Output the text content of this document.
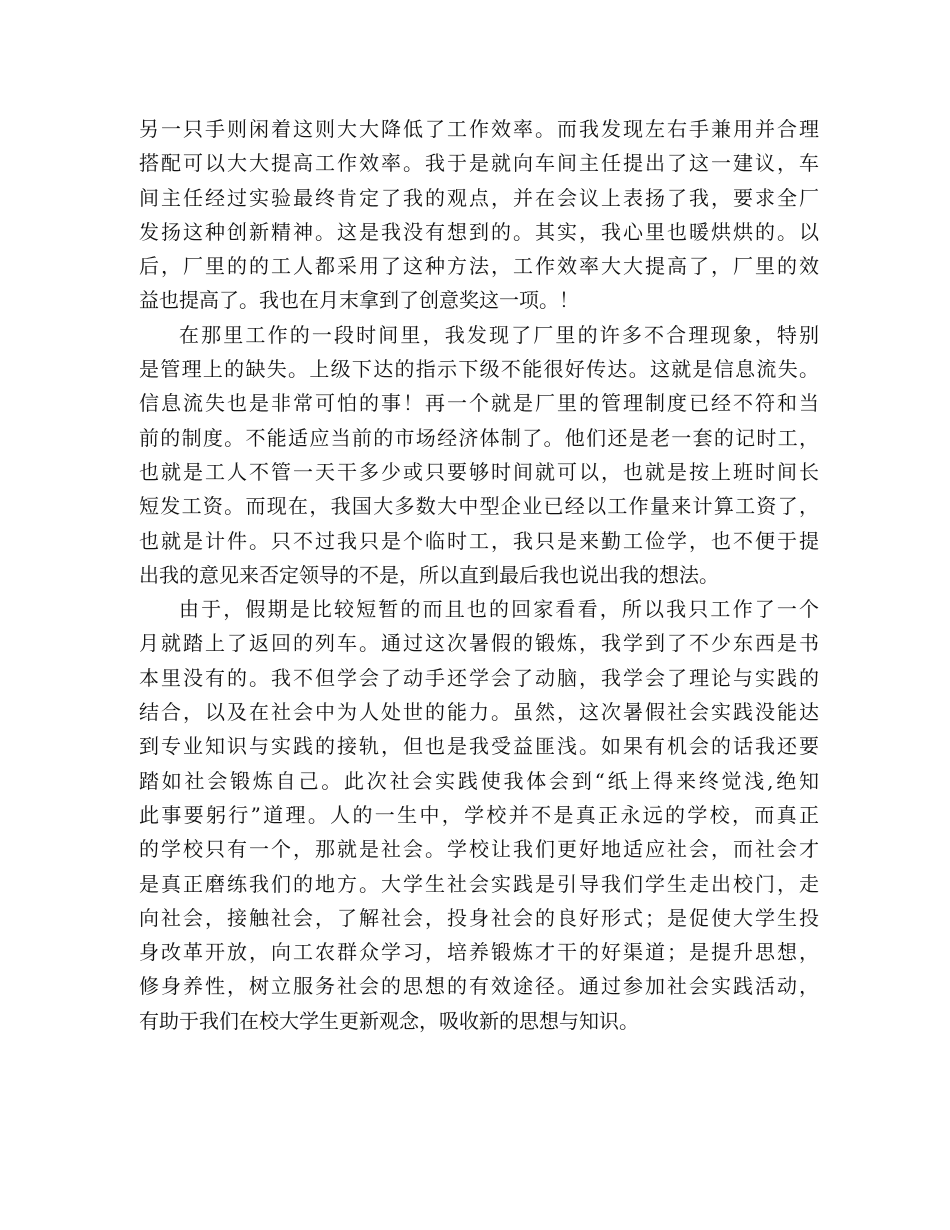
另一只手则闲着这则大大降低了工作效率。而我发现左右手兼用并合理
搭配可以大大提高工作效率。我于是就向车间主任提出了这一建议，车
间主任经过实验最终肯定了我的观点，并在会议上表扬了我，要求全厂
发扬这种创新精神。这是我没有想到的。其实，我心里也暖烘烘的。以
后，厂里的的工人都采用了这种方法，工作效率大大提高了，厂里的效
益也提高了。我也在月末拿到了创意奖这一项。！
在那里工作的一段时间里，我发现了厂里的许多不合理现象，特别
是管理上的缺失。上级下达的指示下级不能很好传达。这就是信息流失。
信息流失也是非常可怕的事！再一个就是厂里的管理制度已经不符和当
前的制度。不能适应当前的市场经济体制了。他们还是老一套的记时工，
也就是工人不管一天干多少或只要够时间就可以，也就是按上班时间长
短发工资。而现在，我国大多数大中型企业已经以工作量来计算工资了，
也就是计件。只不过我只是个临时工，我只是来勤工俭学，也不便于提
出我的意见来否定领导的不是，所以直到最后我也说出我的想法。
由于，假期是比较短暂的而且也的回家看看，所以我只工作了一个
月就踏上了返回的列车。通过这次暑假的锻炼，我学到了不少东西是书
本里没有的。我不但学会了动手还学会了动脑，我学会了理论与实践的
结合，以及在社会中为人处世的能力。虽然，这次暑假社会实践没能达
到专业知识与实践的接轨，但也是我受益匪浅。如果有机会的话我还要
踏如社会锻炼自己。此次社会实践使我体会到“纸上得来终觉浅,绝知
此事要躬行”道理。人的一生中，学校并不是真正永远的学校，而真正
的学校只有一个，那就是社会。学校让我们更好地适应社会，而社会才
是真正磨练我们的地方。大学生社会实践是引导我们学生走出校门，走
向社会，接触社会，了解社会，投身社会的良好形式；是促使大学生投
身改革开放，向工农群众学习，培养锻炼才干的好渠道；是提升思想，
修身养性，树立服务社会的思想的有效途径。通过参加社会实践活动，
有助于我们在校大学生更新观念，吸收新的思想与知识。
